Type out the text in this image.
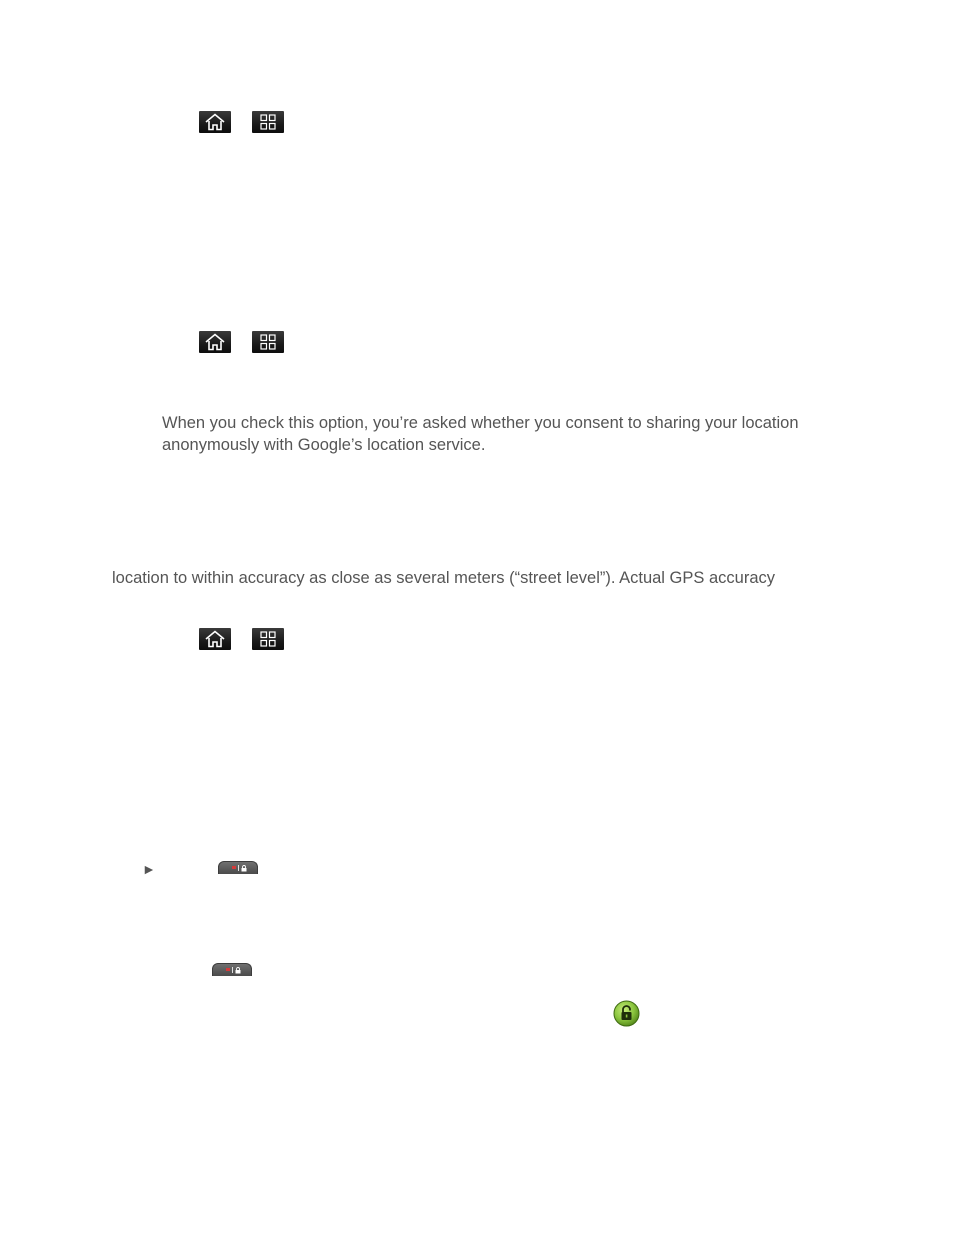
When you check this option, you’re asked whether you consent to sharing your location
anonymously with Google’s location service.
location to within accuracy as close as several meters (“street level”). Actual GPS accuracy
►
